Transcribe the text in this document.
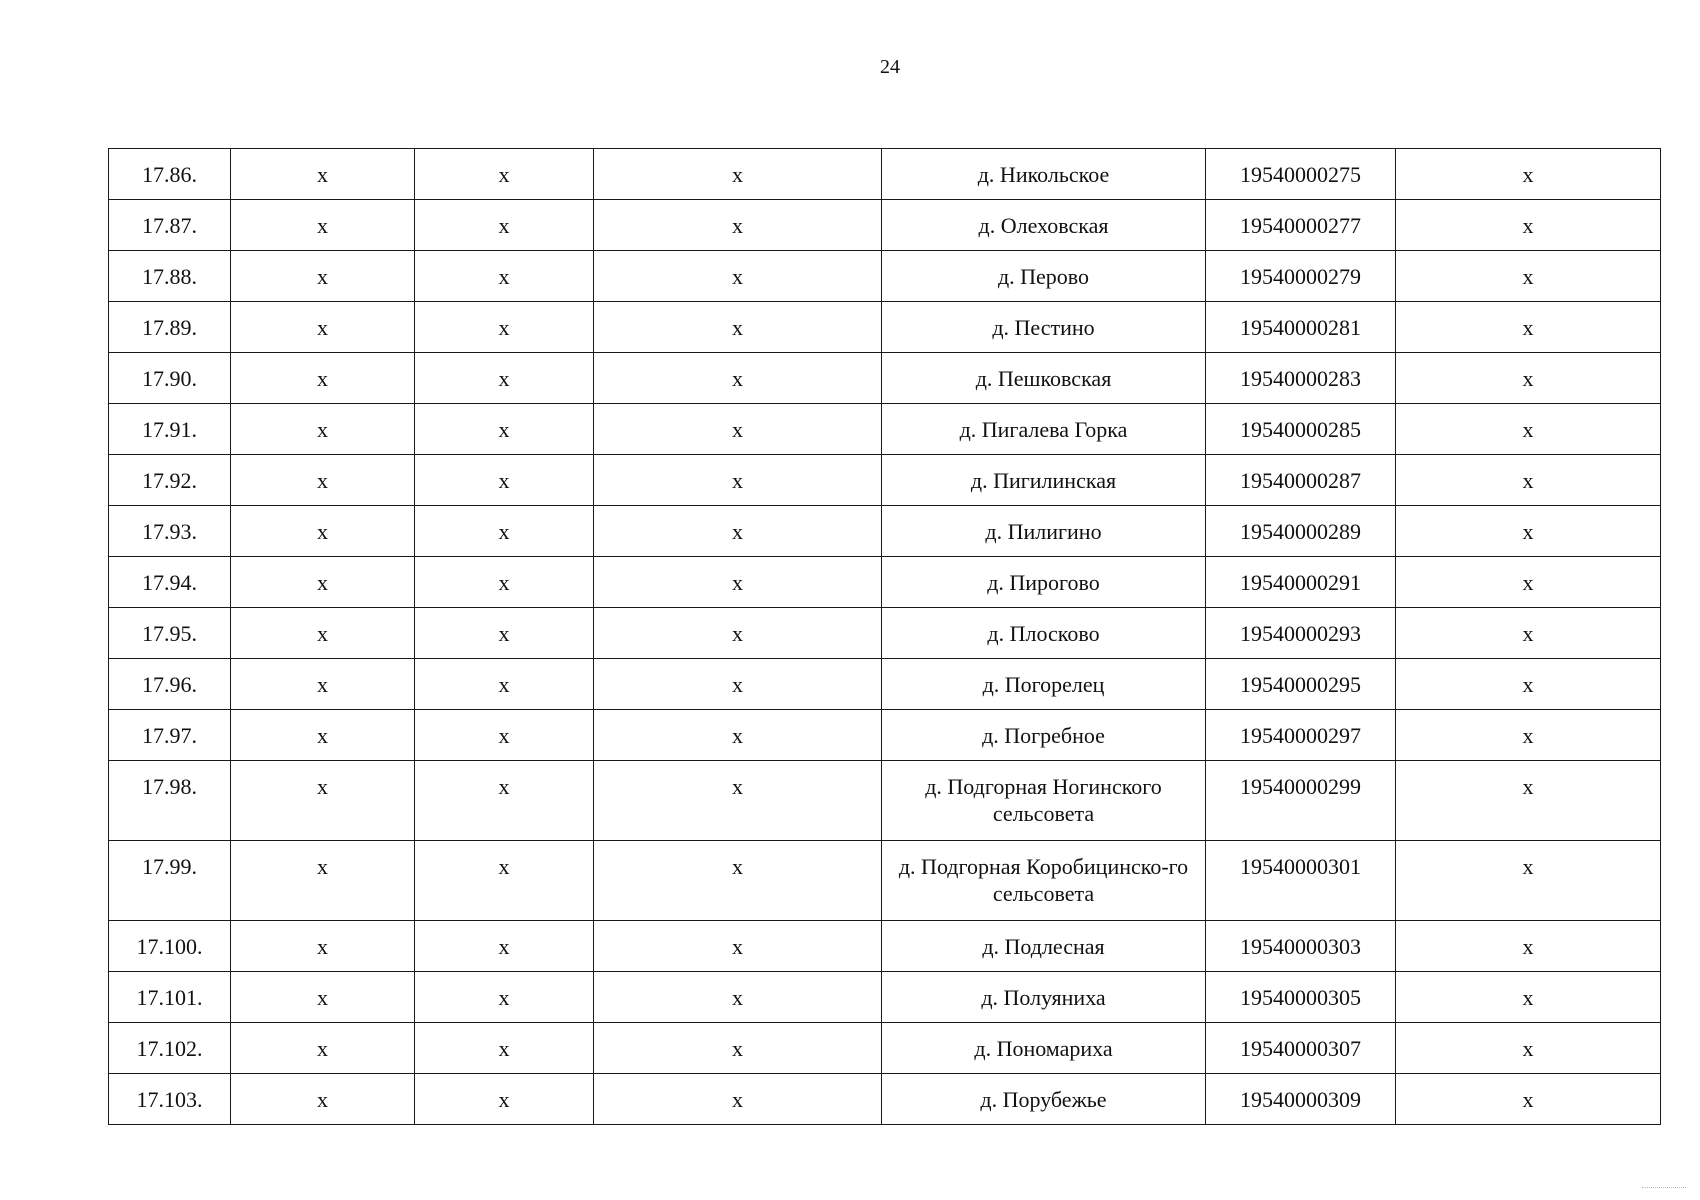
24
17.86.	x	x	x	д. Никольское	19540000275	x
17.87.	x	x	x	д. Олеховская	19540000277	x
17.88.	x	x	x	д. Перово	19540000279	x
17.89.	x	x	x	д. Пестино	19540000281	x
17.90.	x	x	x	д. Пешковская	19540000283	x
17.91.	x	x	x	д. Пигалева Горка	19540000285	x
17.92.	x	x	x	д. Пигилинская	19540000287	x
17.93.	x	x	x	д. Пилигино	19540000289	x
17.94.	x	x	x	д. Пирогово	19540000291	x
17.95.	x	x	x	д. Плосково	19540000293	x
17.96.	x	x	x	д. Погорелец	19540000295	x
17.97.	x	x	x	д. Погребное	19540000297	x
17.98.	x	x	x	д. Подгорная Ногинского сельсовета	19540000299	x
17.99.	x	x	x	д. Подгорная Коробицинско-го сельсовета	19540000301	x
17.100.	x	x	x	д. Подлесная	19540000303	x
17.101.	x	x	x	д. Полуяниха	19540000305	x
17.102.	x	x	x	д. Пономариха	19540000307	x
17.103.	x	x	x	д. Порубежье	19540000309	x
